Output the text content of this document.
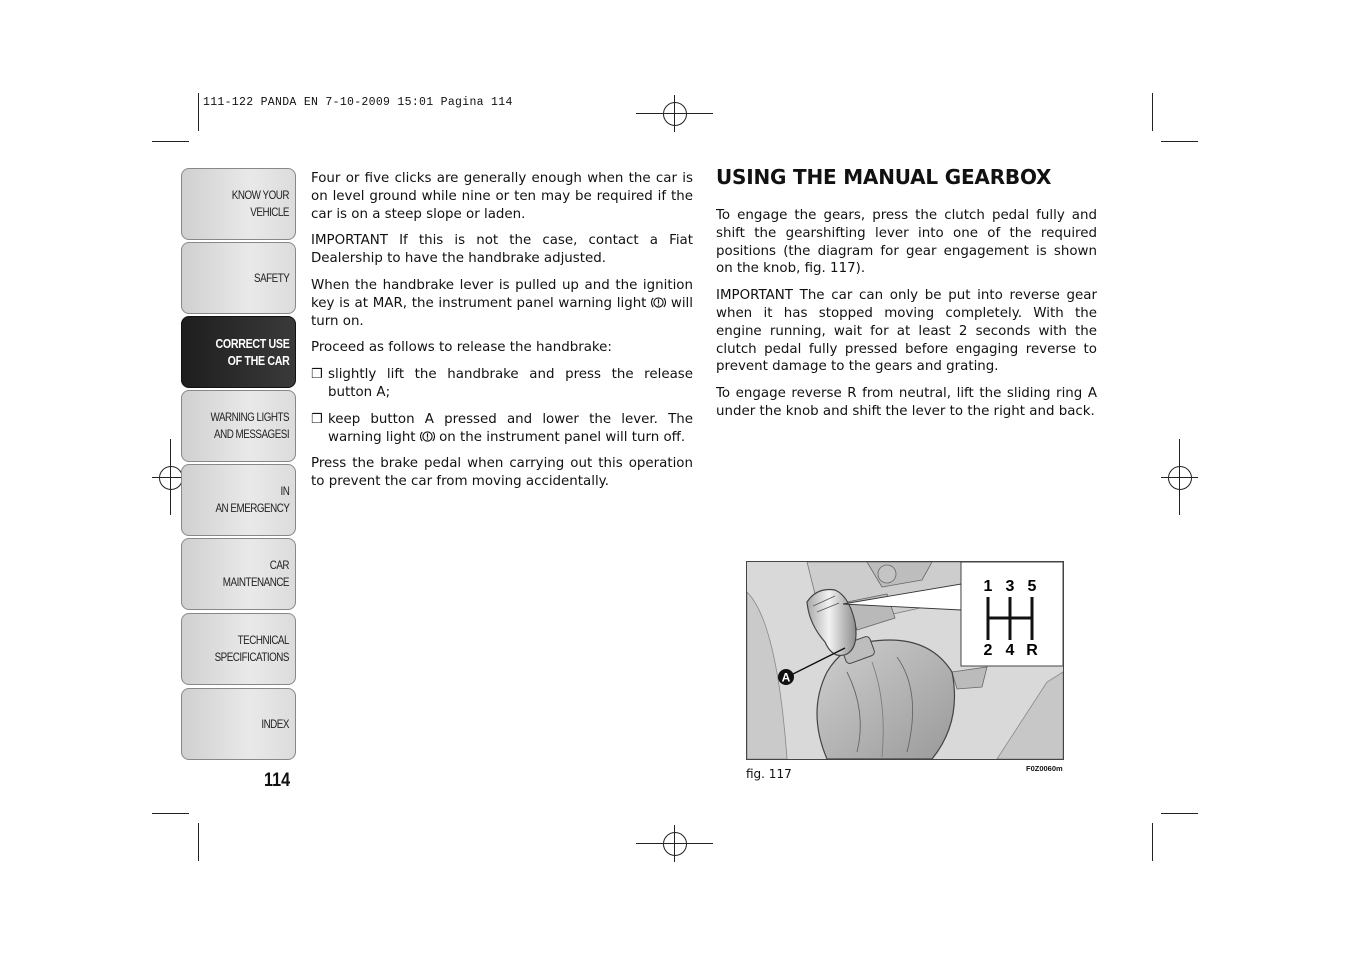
111-122 PANDA EN 7-10-2009 15:01 Pagina 114
KNOW YOUR
VEHICLE
SAFETY
CORRECT USE
OF THE CAR
WARNING LIGHTS
AND MESSAGESI
IN
AN EMERGENCY
CAR
MAINTENANCE
TECHNICAL
SPECIFICATIONS
INDEX
114

Four or five clicks are generally enough when the car is on level ground while nine or ten may be required if the car is on a steep slope or laden.

IMPORTANT If this is not the case, contact a Fiat Dealership to have the handbrake adjusted.

When the handbrake lever is pulled up and the ignition key is at MAR, the instrument panel warning light will turn on.

Proceed as follows to release the handbrake:

❒ slightly lift the handbrake and press the release button A;
❒ keep button A pressed and lower the lever. The warning light on the instrument panel will turn off.

Press the brake pedal when carrying out this operation to prevent the car from moving accidentally.

USING THE MANUAL GEARBOX

To engage the gears, press the clutch pedal fully and shift the gearshifting lever into one of the required positions (the diagram for gear engagement is shown on the knob, fig. 117).

IMPORTANT The car can only be put into reverse gear when it has stopped moving completely. With the engine running, wait for at least 2 seconds with the clutch pedal fully pressed before engaging reverse to prevent damage to the gears and grating.

To engage reverse R from neutral, lift the sliding ring A under the knob and shift the lever to the right and back.

A
1 3 5
2 4 R
fig. 117	F0Z0060m
